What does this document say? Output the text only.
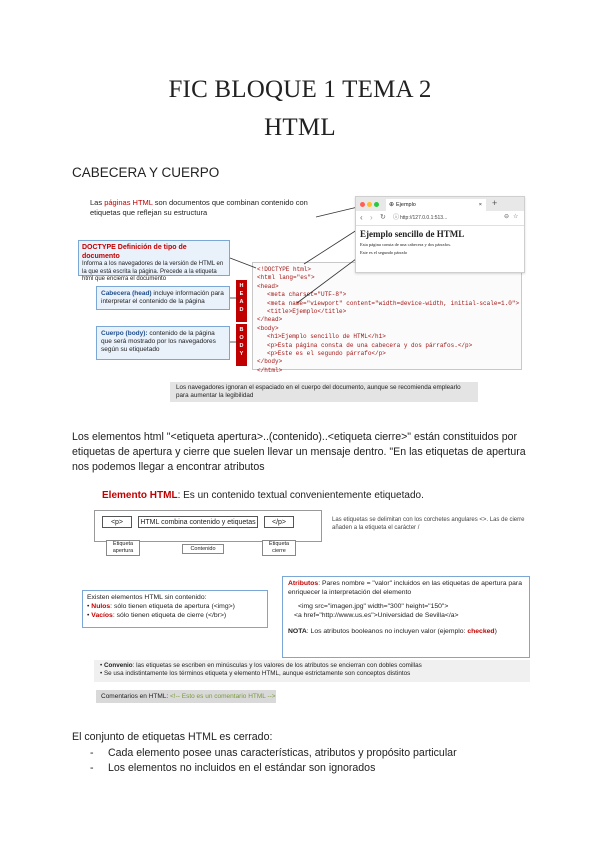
FIC BLOQUE 1 TEMA 2
HTML
CABECERA Y CUERPO
Las páginas HTML son documentos que combinan contenido con etiquetas que reflejan su estructura
DOCTYPE Definición de tipo de documento
Informa a los navegadores de la versión de HTML en la que está escrita la página. Precede a la etiqueta html que encierra el documento
Cabecera (head) incluye información para interpretar el contenido de la página
Cuerpo (body): contenido de la página que será mostrado por los navegadores según su etiquetado
H
E
A
D
B
O
D
Y
<!DOCTYPE html>
<html lang="es">
<head>
<meta charset="UTF-8">
<meta name="viewport" content="width=device-width, initial-scale=1.0">
<title>Ejemplo</title>
</head>
<body>
<h1>Ejemplo sencillo de HTML</h1>
<p>Esta página consta de una cabecera y dos párrafos.</p>
<p>Este es el segundo párrafo</p>
</body>
</html>
⊕ Ejemplo	× +
‹ › ↻ ⓘ http://127.0.0.1:513...	⊖ ☆
Ejemplo sencillo de HTML
Esta página consta de una cabecera y dos párrafos.
Este es el segundo párrafo
Los navegadores ignoran el espaciado en el cuerpo del documento, aunque se recomienda emplearlo para aumentar la legibilidad
Los elementos html "<etiqueta apertura>..(contenido)..<etiqueta cierre>" están constituidos por etiquetas de apertura y cierre que suelen llevar un mensaje dentro. "En las etiquetas de apertura nos podemos llegar a encontrar atributos
Elemento HTML: Es un contenido textual convenientemente etiquetado.
<p>	HTML combina contenido y etiquetas	</p>
Etiqueta apertura	Contenido
Etiqueta cierre
Las etiquetas se delimitan con los corchetes angulares <>. Las de cierre añaden a la etiqueta el carácter /
Existen elementos HTML sin contenido:
• Nulos: sólo tienen etiqueta de apertura (<img>)
• Vacíos: sólo tienen etiqueta de cierre (</br>)
Atributos: Pares nombre = "valor" incluidos en las etiquetas de apertura para enriquecer la interpretación del elemento
<img src="imagen.jpg" width="300" height="150">
<a href="http://www.us.es">Universidad de Sevilla</a>
NOTA: Los atributos booleanos no incluyen valor (ejemplo: checked)
• Convenio: las etiquetas se escriben en minúsculas y los valores de los atributos se encierran con dobles comillas
• Se usa indistintamente los términos etiqueta y elemento HTML, aunque estrictamente son conceptos distintos
Comentarios en HTML: <!-- Esto es un comentario HTML -->
El conjunto de etiquetas HTML es cerrado:
- Cada elemento posee unas características, atributos y propósito particular
- Los elementos no incluidos en el estándar son ignorados
